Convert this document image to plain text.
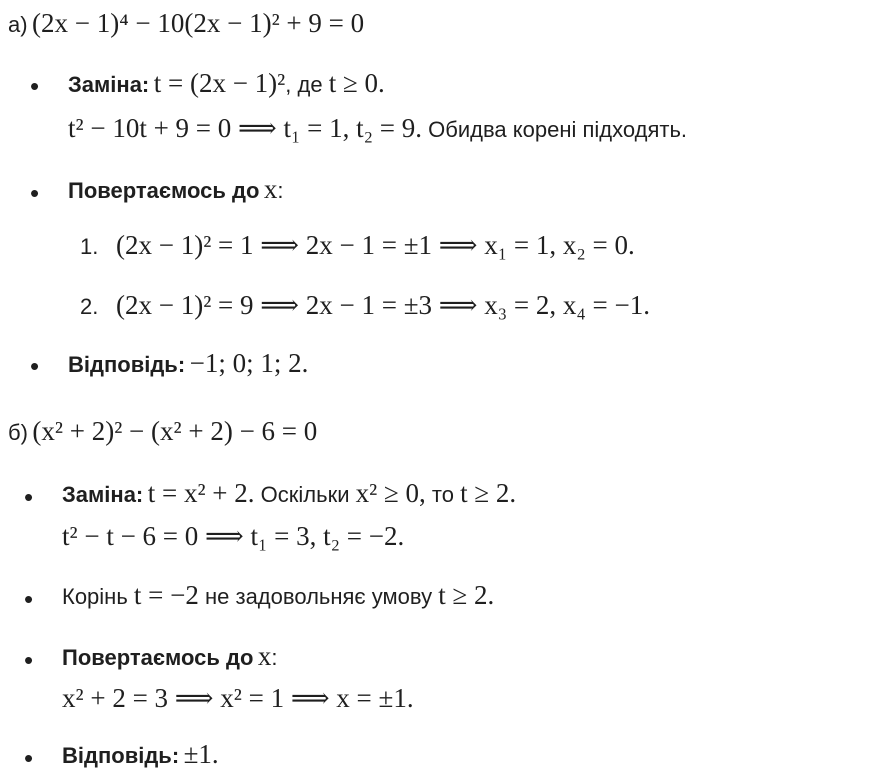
а) (2x − 1)⁴ − 10(2x − 1)² + 9 = 0
• Заміна: t = (2x − 1)², де t ≥ 0.
t² − 10t + 9 = 0 ⟹ t₁ = 1, t₂ = 9. Обидва корені підходять.
• Повертаємось до x:
1. (2x − 1)² = 1 ⟹ 2x − 1 = ±1 ⟹ x₁ = 1, x₂ = 0.
2. (2x − 1)² = 9 ⟹ 2x − 1 = ±3 ⟹ x₃ = 2, x₄ = −1.
• Відповідь: −1; 0; 1; 2.
б) (x² + 2)² − (x² + 2) − 6 = 0
• Заміна: t = x² + 2. Оскільки x² ≥ 0, то t ≥ 2.
t² − t − 6 = 0 ⟹ t₁ = 3, t₂ = −2.
• Корінь t = −2 не задовольняє умову t ≥ 2.
• Повертаємось до x:
x² + 2 = 3 ⟹ x² = 1 ⟹ x = ±1.
• Відповідь: ±1.
